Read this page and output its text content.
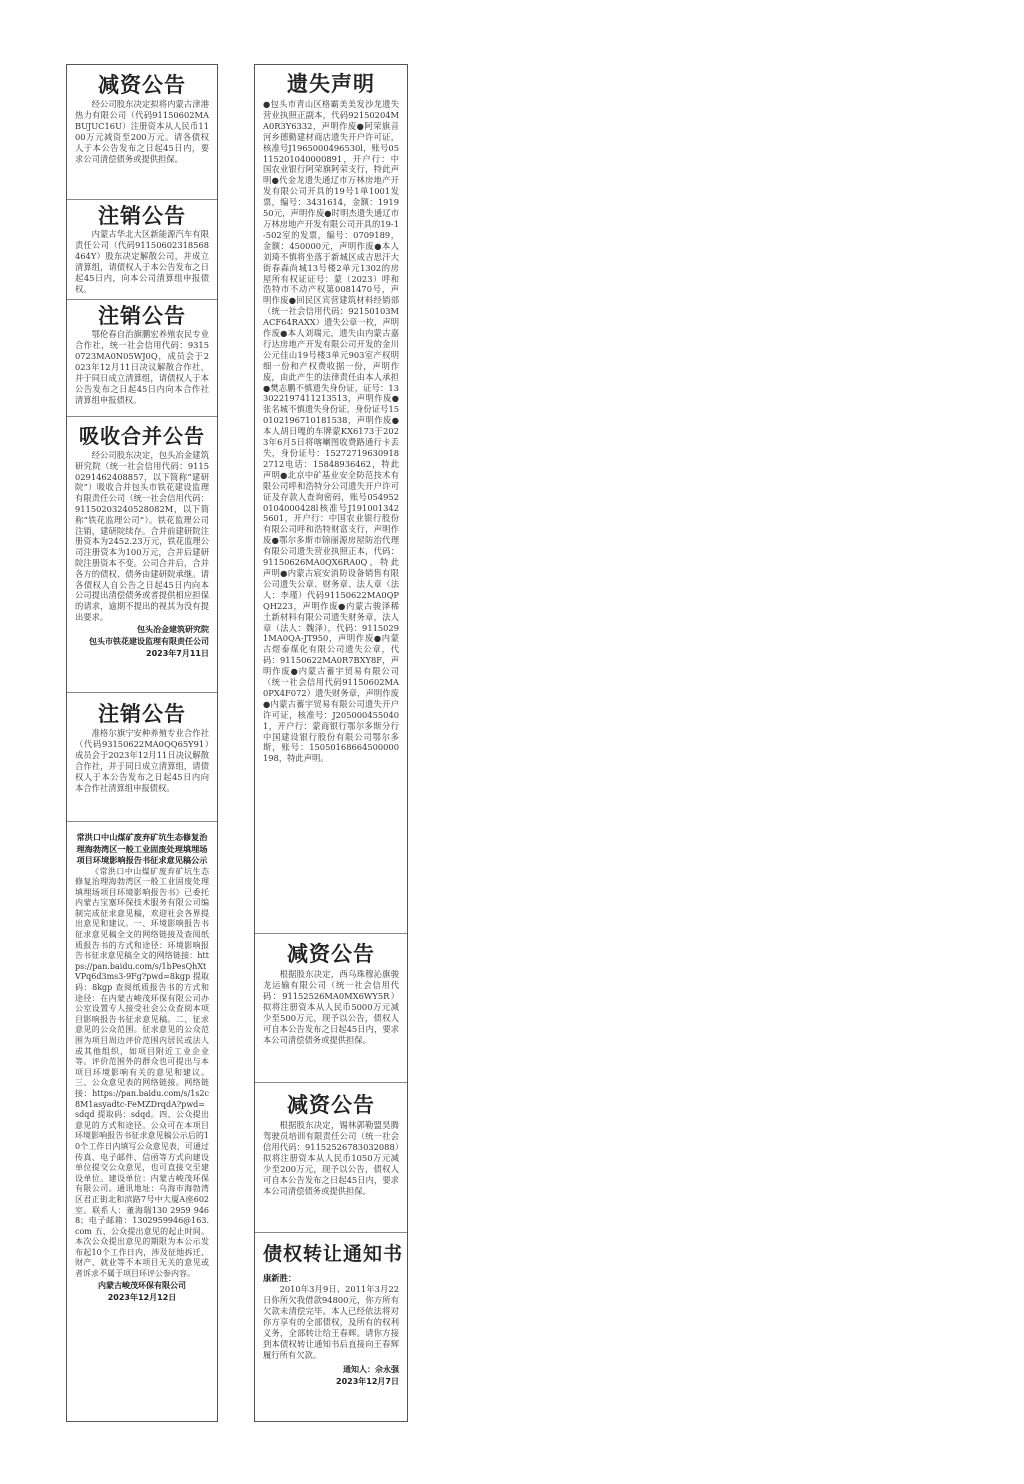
减资公告

经公司股东决定拟将内蒙古津港热力有限公司（代码91150602MABUJUC16U）注册资本从人民币1100万元减资至200万元。请各债权人于本公告发布之日起45日内，要求公司清偿债务或提供担保。

注销公告

内蒙古华北大区新能源汽车有限责任公司（代码91150602318568464Y）股东决定解散公司，并成立清算组，请债权人于本公告发布之日起45日内，向本公司清算组申报债权。

注销公告

鄂伦春自治旗鹏宏养殖农民专业合作社，统一社会信用代码：93150723MA0N05WJ0Q，成员会于2023年12月11日决议解散合作社，并于同日成立清算组，请债权人于本公告发布之日起45日内向本合作社清算组申报债权。

吸收合并公告

经公司股东决定，包头冶金建筑研究院（统一社会信用代码：91150291462408857，以下简称“建研院”）吸收合并包头市铁花建设监理有限责任公司（统一社会信用代码：91150203240528082M，以下简称“铁花监理公司”）。铁花监理公司注销，建研院续存。合并前建研院注册资本为2452.23万元，铁花监理公司注册资本为100万元，合并后建研院注册资本不变。公司合并后，合并各方的债权、债务由建研院承继。请各债权人自公告之日起45日内向本公司提出清偿债务或者提供相应担保的请求，逾期不提出的视其为没有提出要求。

包头冶金建筑研究院

包头市铁花建设监理有限责任公司

2023年7月11日

注销公告

准格尔旗宁安种养殖专业合作社（代码93150622MA0QQ65Y91）成员会于2023年12月11日决议解散合作社，并于同日成立清算组，请债权人于本公告发布之日起45日内向本合作社清算组申报债权。

常洪口中山煤矿废弃矿坑生态修复治理海勃湾区一般工业固废处理填埋场项目环境影响报告书征求意见稿公示

《常洪口中山煤矿废弃矿坑生态修复治理海勃湾区一般工业固废处理填埋场项目环境影响报告书》已委托内蒙古宝塞环保技术服务有限公司编制完成征求意见稿，欢迎社会各界提出意见和建议。一、环境影响报告书征求意见稿全文的网络链接及查阅纸质报告书的方式和途径：环境影响报告书征求意见稿全文的网络链接：https://pan.baidu.com/s/1bPesQhXtVPq6d3ms3-9Fg?pwd=8kgp 提取码：8kgp 查阅纸质报告书的方式和途径：在内蒙古峻茂环保有限公司办公室设置专人接受社会公众查阅本项目影响报告书征求意见稿。二、征求意见的公众范围。征求意见的公众范围为项目周边评价范围内居民或法人或其他组织，如项目附近工业企业等。评价范围外的群众也可提出与本项目环境影响有关的意见和建议。三、公众意见表的网络链接。网络链接：https://pan.baidu.com/s/1s2c8M1asyadtc-FeMZDrqdA?pwd=sdqd 提取码：sdqd。四、公众提出意见的方式和途径。公众可在本项目环境影响报告书征求意见稿公示后的10个工作日内填写公众意见表，可通过传真、电子邮件、信函等方式向建设单位提交公众意见，也可直接交至建设单位。建设单位：内蒙古峻茂环保有限公司。通讯地址：乌海市海勃湾区君正街北和滨路7号中大厦A座602室。联系人：董海瑞130 2959 9468；电子邮箱：1302959946@163.com 五、公众提出意见的起止时间。本次公众提出意见的期限为本公示发布起10个工作日内，涉及征地拆迁、财产、就业等不本项目无关的意见或者诉求不属于项目环评公参内容。

内蒙古峻茂环保有限公司

2023年12月12日

遗失声明

●包头市青山区格霸美美发沙龙遗失营业执照正副本，代码92150204MA0R3Y6332，声明作废●阿荣旗音河乡德勤建材商店遗失开户许可证，核准号J1965000496530l，账号05115201040000891，开户行：中国农业银行阿荣旗阿荣支行，特此声明●代金龙遗失通辽市万林房地产开发有限公司开具的19号1单1001发票，编号：3431614，金额：191950元，声明作废●时明杰遗失通辽市万林房地产开发有限公司开具的19-1-502室的发票，编号：0709189，金额：450000元，声明作废●本人刘琦不慎将坐落于新城区成吉思汗大街春森尚城13号楼2单元1302的房屋所有权证证号：蒙（2023）呼和浩特市不动产权第0081470号，声明作废●回民区宾营建筑材料经销部（统一社会信用代码：92150103MACF64RAXX）遗失公章一枚，声明作废●本人刘瑞元，遗失由内蒙古嘉行达房地产开发有限公司开发的金川公元佳山19号楼3单元903室产权明细一份和产权费收据一份，声明作废，由此产生的法律责任由本人承担●樊志鹏不慎遗失身份证，证号：133022197411213513，声明作废●张名城不慎遗失身份证，身份证号150102196710181538，声明作废●本人胡日嘎的车牌蒙KX6173于2023年6月5日将喀喇图收费路通行卡丢失，身份证号：152727196309182712电话：15848936462，特此声明●北京中矿基业安全防范技术有限公司呼和浩特分公司遗失开户许可证及存款人查询密码，账号0549520104000428l核准号J1910013425601，开户行：中国农业银行股份有限公司呼和浩特财富支行，声明作废●鄂尔多斯市锦丽源房屋防治代理有限公司遗失营业执照正本，代码：91150626MA0QX6RA0Q，特此声明●内蒙古宸安消防设备销售有限公司遗失公章、财务章、法人章（法人：李瑾）代码91150622MA0QPQH223，声明作废●内蒙古骏泽稀土新材料有限公司遗失财务章，法人章（法人：魏泽），代码：91150291MA0QA-JT950，声明作废●内蒙古煜泰煤化有限公司遗失公章，代码：91150622MA0R7BXY8F，声明作废●内蒙古蓄宇贸易有限公司（统一社会信用代码91150602MA0PX4F072）遗失财务章，声明作废●内蒙古蓄宇贸易有限公司遗失开户许可证，核准号：J2050004550401，开户行：蒙商银行鄂尔多斯分行中国建设银行股份有限公司鄂尔多斯，账号：15050168664500000198，特此声明。

减资公告

根据股东决定，西乌珠穆沁旗骏龙运输有限公司（统一社会信用代码：91152526MA0MX6WY5R）拟将注册资本从人民币5000万元减少至500万元，现予以公告，债权人可自本公告发布之日起45日内，要求本公司清偿债务或提供担保。

减资公告

根据股东决定，锡林郭勒盟昊腾驾驶员培训有限责任公司（统一社会信用代码：91152526783032088）拟将注册资本从人民币1050万元减少至200万元，现予以公告，债权人可自本公告发布之日起45日内，要求本公司清偿债务或提供担保。

债权转让通知书

康新胜：

2010年3月9日、2011年3月22日你所欠我借款94800元，你方所有欠款未清偿完毕。本人已经依法将对你方享有的全部债权，及所有的权利义务，全部转让给王春辉。请你方接到本债权转让通知书后直接向王春辉履行所有欠款。

通知人：佘永强

2023年12月7日
